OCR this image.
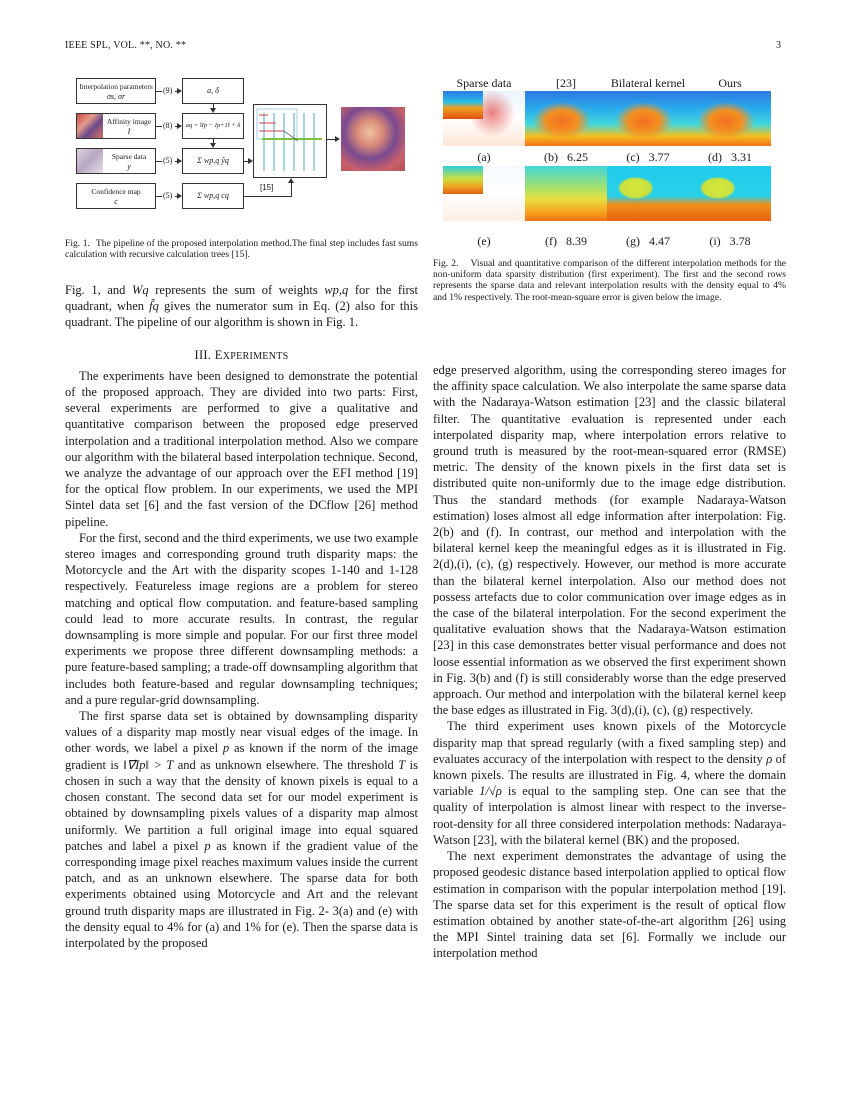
IEEE SPL, VOL. **, NO. **	3
Interpolation parameters
σs, σr
Affinity image
I
Sparse data
y
Confidence map
c
(9)
(8)
(5)
(5)
a, δ
aq = ‖Ip − Ip+1‖ + δ
Σ wp,q ŷq
Σ wp,q cq
[15]
Fig. 1. The pipeline of the proposed interpolation method.The final step includes fast sums calculation with recursive calculation trees [15].
Sparse data	[23]	Bilateral kernel	Ours
(a)	(b) 6.25	(c) 3.77	(d) 3.31
(e)	(f) 8.39	(g) 4.47	(i) 3.78
Fig. 2. Visual and quantitative comparison of the different interpolation methods for the non-uniform data sparsity distribution (first experiment). The first and the second rows represents the sparse data and relevant interpolation results with the density equal to 4% and 1% respectively. The root-mean-square error is given below the image.

Fig. 1, and Wq represents the sum of weights wp,q for the first quadrant, when f̃q gives the numerator sum in Eq. (2) also for this quadrant. The pipeline of our algorithm is shown in Fig. 1.

III. EXPERIMENTS

The experiments have been designed to demonstrate the potential of the proposed approach. They are divided into two parts: First, several experiments are performed to give a qualitative and quantitative comparison between the proposed edge preserved interpolation and a traditional interpolation method. Also we compare our algorithm with the bilateral based interpolation technique. Second, we analyze the advantage of our approach over the EFI method [19] for the optical flow problem. In our experiments, we used the MPI Sintel data set [6] and the fast version of the DCflow [26] method pipeline.

For the first, second and the third experiments, we use two example stereo images and corresponding ground truth disparity maps: the Motorcycle and the Art with the disparity scopes 1-140 and 1-128 respectively. Featureless image regions are a problem for stereo matching and optical flow computation. and feature-based sampling could lead to more accurate results. In contrast, the regular downsampling is more simple and popular. For our first three model experiments we propose three different downsampling methods: a pure feature-based sampling; a trade-off downsampling algorithm that includes both feature-based and regular downsampling techniques; and a pure regular-grid downsampling.

The first sparse data set is obtained by downsampling disparity values of a disparity map mostly near visual edges of the image. In other words, we label a pixel p as known if the norm of the image gradient is ‖∇⃗Ip‖ > T and as unknown elsewhere. The threshold T is chosen in such a way that the density of known pixels is equal to a chosen constant. The second data set for our model experiment is obtained by downsampling pixels values of a disparity map almost uniformly. We partition a full original image into equal squared patches and label a pixel p as known if the gradient value of the corresponding image pixel reaches maximum values inside the current patch, and as an unknown elsewhere. The sparse data for both experiments obtained using Motorcycle and Art and the relevant ground truth disparity maps are illustrated in Fig. 2- 3(a) and (e) with the density equal to 4% for (a) and 1% for (e). Then the sparse data is interpolated by the proposed

edge preserved algorithm, using the corresponding stereo images for the affinity space calculation. We also interpolate the same sparse data with the Nadaraya-Watson estimation [23] and the classic bilateral filter. The quantitative evaluation is represented under each interpolated disparity map, where interpolation errors relative to ground truth is measured by the root-mean-squared error (RMSE) metric. The density of the known pixels in the first data set is distributed quite non-uniformly due to the image edge distribution. Thus the standard methods (for example Nadaraya-Watson estimation) loses almost all edge information after interpolation: Fig. 2(b) and (f). In contrast, our method and interpolation with the bilateral kernel keep the meaningful edges as it is illustrated in Fig. 2(d),(i), (c), (g) respectively. However, our method is more accurate than the bilateral kernel interpolation. Also our method does not possess artefacts due to color communication over image edges as in the case of the bilateral interpolation. For the second experiment the qualitative evaluation shows that the Nadaraya-Watson estimation [23] in this case demonstrates better visual performance and does not loose essential information as we observed the first experiment shown in Fig. 3(b) and (f) is still considerably worse than the edge preserved approach. Our method and interpolation with the bilateral kernel keep the base edges as illustrated in Fig. 3(d),(i), (c), (g) respectively.

The third experiment uses known pixels of the Motorcycle disparity map that spread regularly (with a fixed sampling step) and evaluates accuracy of the interpolation with respect to the density ρ of known pixels. The results are illustrated in Fig. 4, where the domain variable 1/√ρ is equal to the sampling step. One can see that the quality of interpolation is almost linear with respect to the inverse-root-density for all three considered interpolation methods: Nadaraya-Watson [23], with the bilateral kernel (BK) and the proposed.

The next experiment demonstrates the advantage of using the proposed geodesic distance based interpolation applied to optical flow estimation in comparison with the popular interpolation method [19]. The sparse data set for this experiment is the result of optical flow estimation obtained by another state-of-the-art algorithm [26] using the MPI Sintel training data set [6]. Formally we include our interpolation method
